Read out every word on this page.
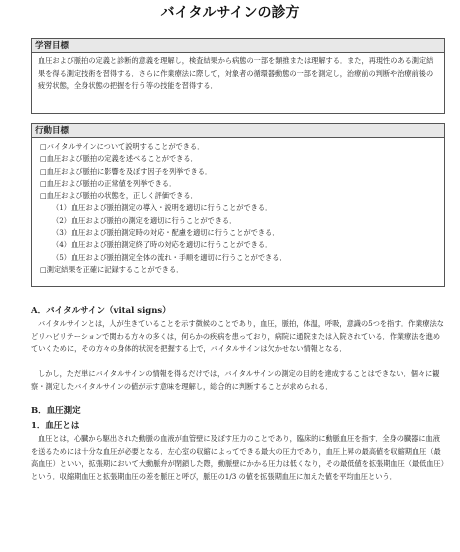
バイタルサインの診方
学習目標
血圧および脈拍の定義と診断的意義を理解し，検査結果から病態の一部を類推または理解する．また，再現性のある測定結果を得る測定技術を習得する．さらに作業療法に際して，対象者の循環器動態の一部を測定し，治療前の判断や治療前後の疲労状態，全身状態の把握を行う等の技能を習得する．
行動目標
□バイタルサインについて説明することができる．
□血圧および脈拍の定義を述べることができる．
□血圧および脈拍に影響を及ぼす因子を列挙できる．
□血圧および脈拍の正常値を列挙できる．
□血圧および脈拍の状態を，正しく評価できる．
（1）血圧および脈拍測定の導入・説明を適切に行うことができる．
（2）血圧および脈拍の測定を適切に行うことができる．
（3）血圧および脈拍測定時の対応・配慮を適切に行うことができる．
（4）血圧および脈拍測定終了時の対応を適切に行うことができる．
（5）血圧および脈拍測定全体の流れ・手順を適切に行うことができる．
□測定結果を正確に記録することができる．
A．バイタルサイン（vital signs）
バイタルサインとは，人が生きていることを示す徴候のことであり，血圧，脈拍，体温，呼吸，意識の5つを指す．作業療法などリハビリテーションで関わる方々の多くは，何らかの疾病を患っており，病院に通院または入院されている．作業療法を進めていくために，その方々の身体的状況を把握する上で，バイタルサインは欠かせない情報となる．
しかし，ただ単にバイタルサインの情報を得るだけでは，バイタルサインの測定の目的を達成することはできない．個々に観察・測定したバイタルサインの値が示す意味を理解し，総合的に判断することが求められる．
B．血圧測定
1．血圧とは
血圧とは，心臓から駆出された動脈の血液が血管壁に及ぼす圧力のことであり，臨床的に動脈血圧を指す．全身の臓器に血液を送るためには十分な血圧が必要となる．左心室の収縮によってできる最大の圧力であり，血圧上昇の最高値を収縮期血圧（最高血圧）といい，拡張期において大動脈弁が閉鎖した際，動脈壁にかかる圧力は低くなり，その最低値を拡張期血圧（最低血圧）という．収縮期血圧と拡張期血圧の差を脈圧と呼び，脈圧の1/3 の値を拡張期血圧に加えた値を平均血圧という．
